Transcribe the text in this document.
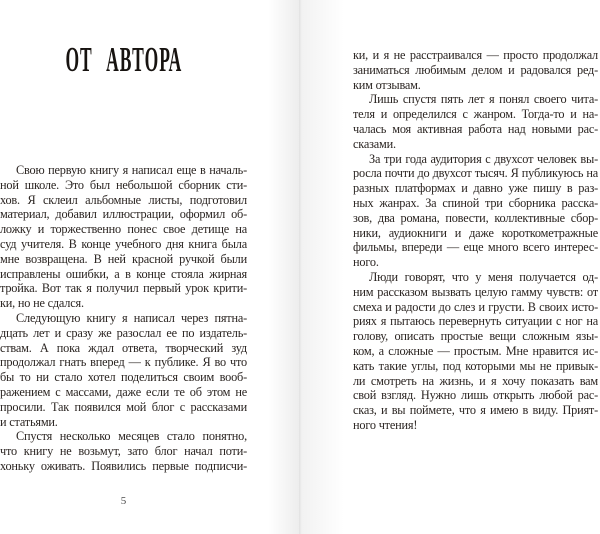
ОТ АВТОРА
Свою первую книгу я написал еще в началь-
ной школе. Это был небольшой сборник сти-
хов. Я склеил альбомные листы, подготовил
материал, добавил иллюстрации, оформил об-
ложку и торжественно понес свое детище на
суд учителя. В конце учебного дня книга была
мне возвращена. В ней красной ручкой были
исправлены ошибки, а в конце стояла жирная
тройка. Вот так я получил первый урок крити-
ки, но не сдался.
Следующую книгу я написал через пятна-
дцать лет и сразу же разослал ее по издатель-
ствам. А пока ждал ответа, творческий зуд
продолжал гнать вперед — к публике. Я во что
бы то ни стало хотел поделиться своим вооб-
ражением с массами, даже если те об этом не
просили. Так появился мой блог с рассказами
и статьями.
Спустя несколько месяцев стало понятно,
что книгу не возьмут, зато блог начал поти-
хоньку оживать. Появились первые подписчи-
5
ки, и я не расстраивался — просто продолжал
заниматься любимым делом и радовался ред-
ким отзывам.
Лишь спустя пять лет я понял своего чита-
теля и определился с жанром. Тогда-то и на-
чалась моя активная работа над новыми рас-
сказами.
За три года аудитория с двухсот человек вы-
росла почти до двухсот тысяч. Я публикуюсь на
разных платформах и давно уже пишу в раз-
ных жанрах. За спиной три сборника расска-
зов, два романа, повести, коллективные сбор-
ники, аудиокниги и даже короткометражные
фильмы, впереди — еще много всего интерес-
ного.
Люди говорят, что у меня получается од-
ним рассказом вызвать целую гамму чувств: от
смеха и радости до слез и грусти. В своих исто-
риях я пытаюсь перевернуть ситуации с ног на
голову, описать простые вещи сложным язы-
ком, а сложные — простым. Мне нравится ис-
кать такие углы, под которыми мы не привык-
ли смотреть на жизнь, и я хочу показать вам
свой взгляд. Нужно лишь открыть любой рас-
сказ, и вы поймете, что я имею в виду. Прият-
ного чтения!
